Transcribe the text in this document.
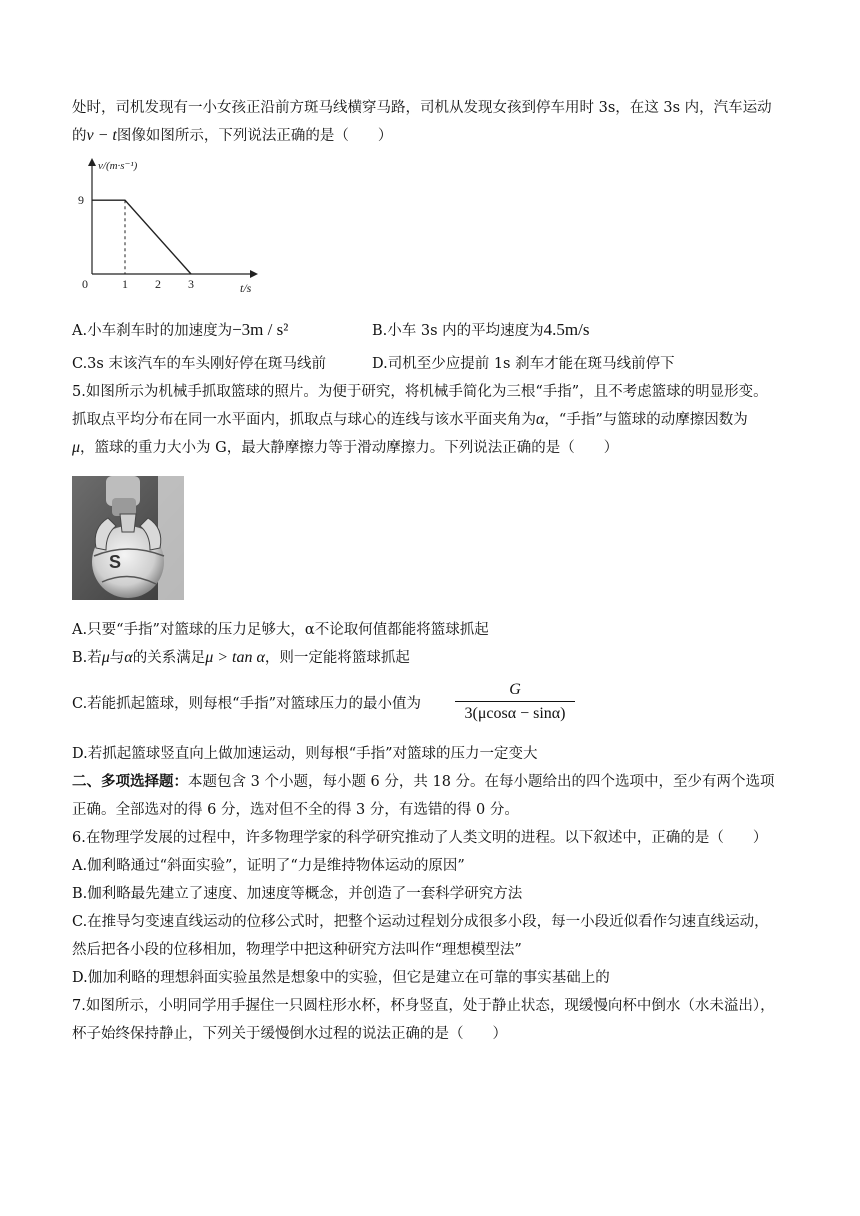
处时，司机发现有一小女孩正沿前方斑马线横穿马路，司机从发现女孩到停车用时 3s，在这 3s 内，汽车运动
的v − t图像如图所示，下列说法正确的是（　　）
v/(m·s⁻¹)
t/s
0	1 2 3
9
A.小车刹车时的加速度为−3m / s²	B.小车 3s 内的平均速度为4.5m/s
C.3s 末该汽车的车头刚好停在斑马线前	D.司机至少应提前 1s 刹车才能在斑马线前停下
5.如图所示为机械手抓取篮球的照片。为便于研究，将机械手简化为三根“手指”，且不考虑篮球的明显形变。
抓取点平均分布在同一水平面内，抓取点与球心的连线与该水平面夹角为α，“手指”与篮球的动摩擦因数为
μ，篮球的重力大小为 G，最大静摩擦力等于滑动摩擦力。下列说法正确的是（　　）
S
A.只要“手指”对篮球的压力足够大，α不论取何值都能将篮球抓起
B.若μ与α的关系满足μ > tan α，则一定能将篮球抓起
C.若能抓起篮球，则每根“手指”对篮球压力的最小值为
G
3(μcosα − sinα)
D.若抓起篮球竖直向上做加速运动，则每根“手指”对篮球的压力一定变大
二、多项选择题：本题包含 3 个小题，每小题 6 分，共 18 分。在每小题给出的四个选项中，至少有两个选项
正确。全部选对的得 6 分，选对但不全的得 3 分，有选错的得 0 分。
6.在物理学发展的过程中，许多物理学家的科学研究推动了人类文明的进程。以下叙述中，正确的是（　　）
A.伽利略通过“斜面实验”，证明了“力是维持物体运动的原因”
B.伽利略最先建立了速度、加速度等概念，并创造了一套科学研究方法
C.在推导匀变速直线运动的位移公式时，把整个运动过程划分成很多小段，每一小段近似看作匀速直线运动，
然后把各小段的位移相加，物理学中把这种研究方法叫作“理想模型法”
D.伽加利略的理想斜面实验虽然是想象中的实验，但它是建立在可靠的事实基础上的
7.如图所示，小明同学用手握住一只圆柱形水杯，杯身竖直，处于静止状态，现缓慢向杯中倒水（水未溢出），
杯子始终保持静止，下列关于缓慢倒水过程的说法正确的是（　　）
